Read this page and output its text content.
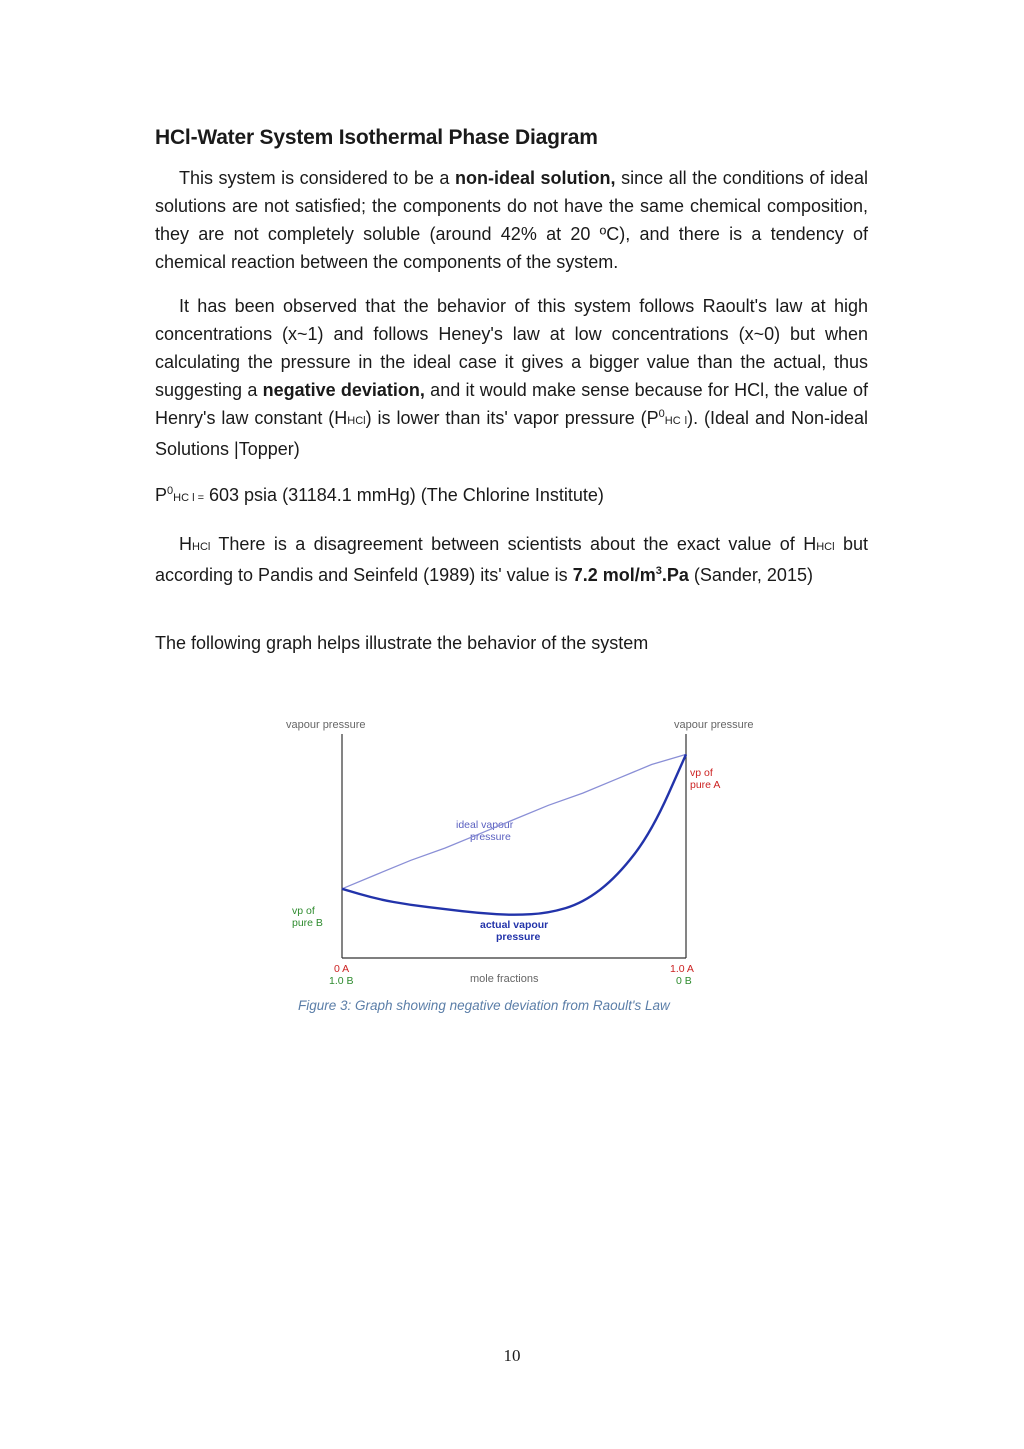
HCl-Water System Isothermal Phase Diagram

This system is considered to be a non-ideal solution, since all the conditions of ideal solutions are not satisfied; the components do not have the same chemical composition, they are not completely soluble (around 42% at 20 ºC), and there is a tendency of chemical reaction between the components of the system.

It has been observed that the behavior of this system follows Raoult's law at high concentrations (x~1) and follows Heney's law at low concentrations (x~0) but when calculating the pressure in the ideal case it gives a bigger value than the actual, thus suggesting a negative deviation, and it would make sense because for HCl, the value of Henry's law constant (HHCl) is lower than its' vapor pressure ($P^0HC$ l). (Ideal and Non-ideal Solutions |Topper)

$P^0HC$ l = 603 psia (31184.1 mmHg) (The Chlorine Institute)

HHCl There is a disagreement between scientists about the exact value of HHCl but according to Pandis and Seinfeld (1989) its' value is 7.2 mol/$m^3.Pa$ (Sander, 2015)

The following graph helps illustrate the behavior of the system

vapour pressure	vapour pressure
mole fractions
0 A
1.0 B
1.0 A
0 B
vp of
pure B
vp of
pure A
ideal vapour
pressure
actual vapour
pressure
Figure 3: Graph showing negative deviation from Raoult's Law
10
